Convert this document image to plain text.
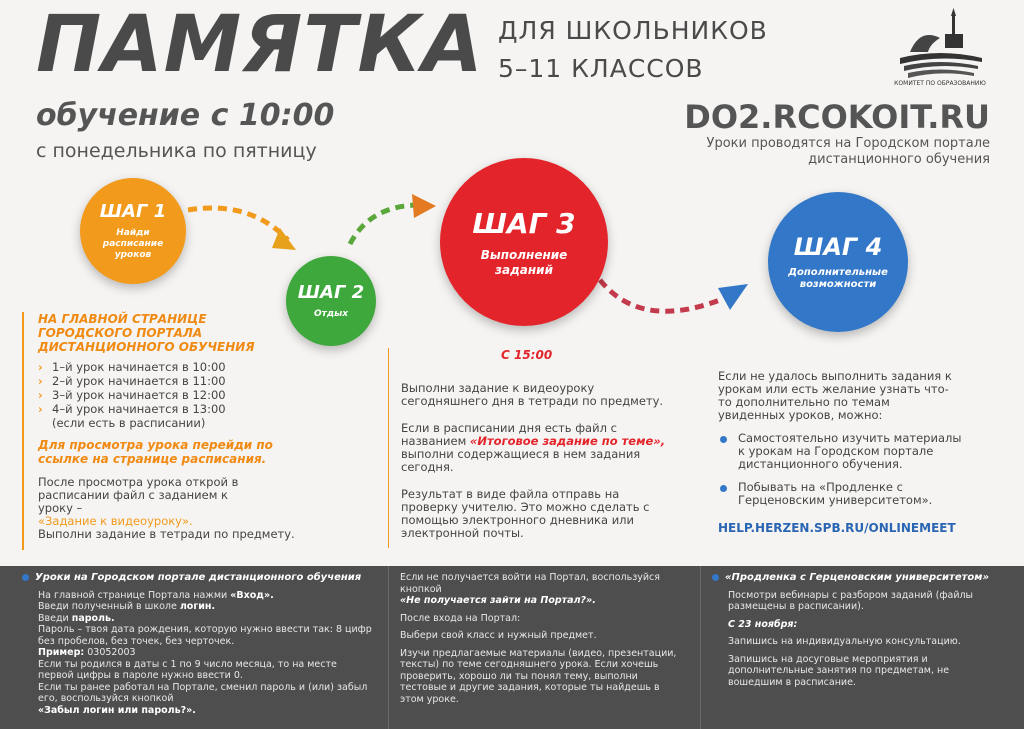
ПАМЯТКА ДЛЯ ШКОЛЬНИКОВ
5–11 КЛАССОВ
КОМИТЕТ ПО ОБРАЗОВАНИЮ
обучение с 10:00
с понедельника по пятницу
DO2.RCOKOIT.RU
Уроки проводятся на Городском портале дистанционного обучения
ШАГ 1
Найди расписание уроков
ШАГ 2
Отдых
ШАГ 3
Выполнение заданий
ШАГ 4
Дополнительные возможности
НА ГЛАВНОЙ СТРАНИЦЕ ГОРОДСКОГО ПОРТАЛА ДИСТАНЦИОННОГО ОБУЧЕНИЯ
› 1–й урок начинается в 10:00
› 2–й урок начинается в 11:00
› 3–й урок начинается в 12:00
› 4–й урок начинается в 13:00 (если есть в расписании)
Для просмотра урока перейди по ссылке на странице расписания.
После просмотра урока открой в расписании файл с заданием к уроку –
«Задание к видеоуроку».
Выполни задание в тетради по предмету.
С 15:00
Выполни задание к видеоуроку сегодняшнего дня в тетради по предмету.
Если в расписании дня есть файл с названием «Итоговое задание по теме», выполни содержащиеся в нем задания сегодня.
Результат в виде файла отправь на проверку учителю. Это можно сделать с помощью электронного дневника или электронной почты.
Если не удалось выполнить задания к урокам или есть желание узнать что-то дополнительно по темам увиденных уроков, можно:
Самостоятельно изучить материалы к урокам на Городском портале дистанционного обучения.
Побывать на «Продленке с Герценовским университетом».
HELP.HERZEN.SPB.RU/ONLINEMEET
Уроки на Городском портале дистанционного обучения

На главной странице Портала нажми «Вход».

Введи полученный в школе логин.

Введи пароль.

Пароль – твоя дата рождения, которую нужно ввести так: 8 цифр без пробелов, без точек, без черточек.

Пример: 03052003

Если ты родился в даты с 1 по 9 число месяца, то на месте первой цифры в пароле нужно ввести 0.

Если ты ранее работал на Портале, сменил пароль и (или) забыл его, воспользуйся кнопкой

«Забыл логин или пароль?».

Если не получается войти на Портал, воспользуйся кнопкой

«Не получается зайти на Портал?».

После входа на Портал:

Выбери свой класс и нужный предмет.

Изучи предлагаемые материалы (видео, презентации, тексты) по теме сегодняшнего урока. Если хочешь проверить, хорошо ли ты понял тему, выполни тестовые и другие задания, которые ты найдешь в этом уроке.

«Продленка с Герценовским университетом»

Посмотри вебинары с разбором заданий (файлы размещены в расписании).

С 23 ноября:

Запишись на индивидуальную консультацию.

Запишись на досуговые мероприятия и дополнительные занятия по предметам, не вошедшим в расписание.
